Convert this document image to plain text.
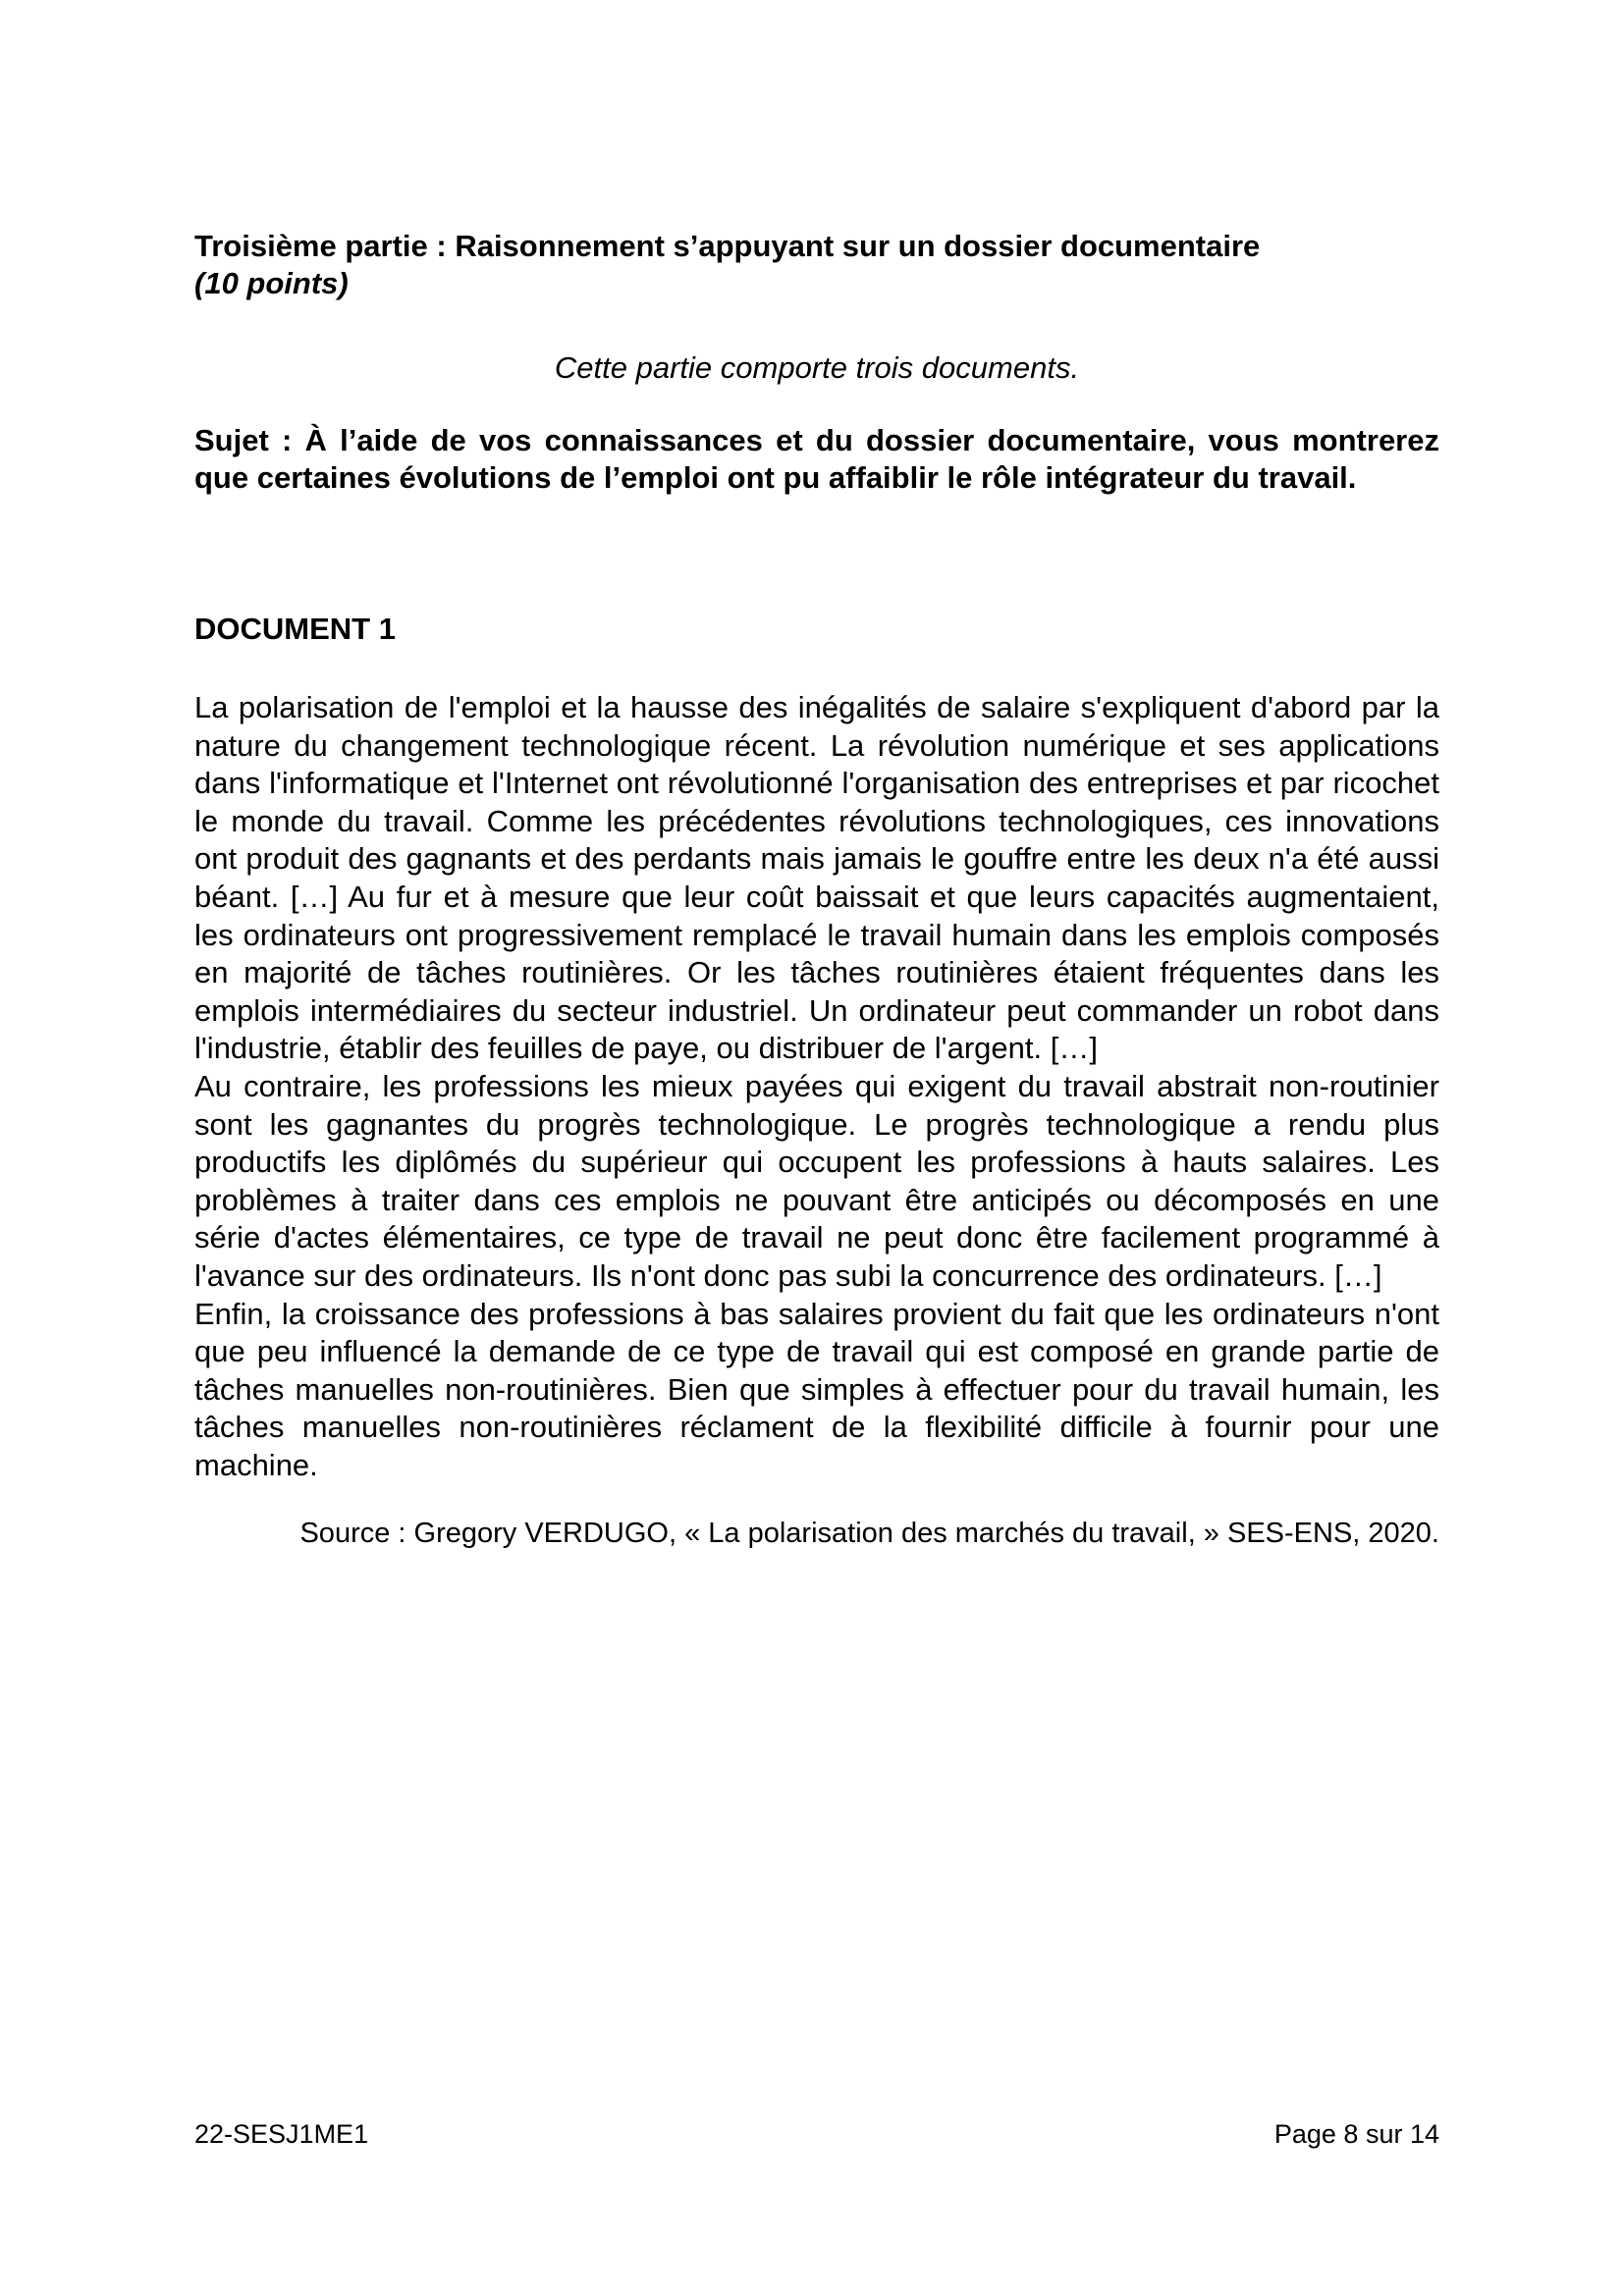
Troisième partie : Raisonnement s’appuyant sur un dossier documentaire
(10 points)

Cette partie comporte trois documents.

Sujet : À l’aide de vos connaissances et du dossier documentaire, vous montrerez que certaines évolutions de l’emploi ont pu affaiblir le rôle intégrateur du travail.

DOCUMENT 1

La polarisation de l'emploi et la hausse des inégalités de salaire s'expliquent d'abord par la nature du changement technologique récent. La révolution numérique et ses applications dans l'informatique et l'Internet ont révolutionné l'organisation des entreprises et par ricochet le monde du travail. Comme les précédentes révolutions technologiques, ces innovations ont produit des gagnants et des perdants mais jamais le gouffre entre les deux n'a été aussi béant. […] Au fur et à mesure que leur coût baissait et que leurs capacités augmentaient, les ordinateurs ont progressivement remplacé le travail humain dans les emplois composés en majorité de tâches routinières. Or les tâches routinières étaient fréquentes dans les emplois intermédiaires du secteur industriel. Un ordinateur peut commander un robot dans l'industrie, établir des feuilles de paye, ou distribuer de l'argent. […]

Au contraire, les professions les mieux payées qui exigent du travail abstrait non-routinier sont les gagnantes du progrès technologique. Le progrès technologique a rendu plus productifs les diplômés du supérieur qui occupent les professions à hauts salaires. Les problèmes à traiter dans ces emplois ne pouvant être anticipés ou décomposés en une série d'actes élémentaires, ce type de travail ne peut donc être facilement programmé à l'avance sur des ordinateurs. Ils n'ont donc pas subi la concurrence des ordinateurs. […]

Enfin, la croissance des professions à bas salaires provient du fait que les ordinateurs n'ont que peu influencé la demande de ce type de travail qui est composé en grande partie de tâches manuelles non-routinières. Bien que simples à effectuer pour du travail humain, les tâches manuelles non-routinières réclament de la flexibilité difficile à fournir pour une machine.

Source : Gregory VERDUGO, « La polarisation des marchés du travail, » SES-ENS, 2020.

22-SESJ1ME1	Page 8 sur 14
